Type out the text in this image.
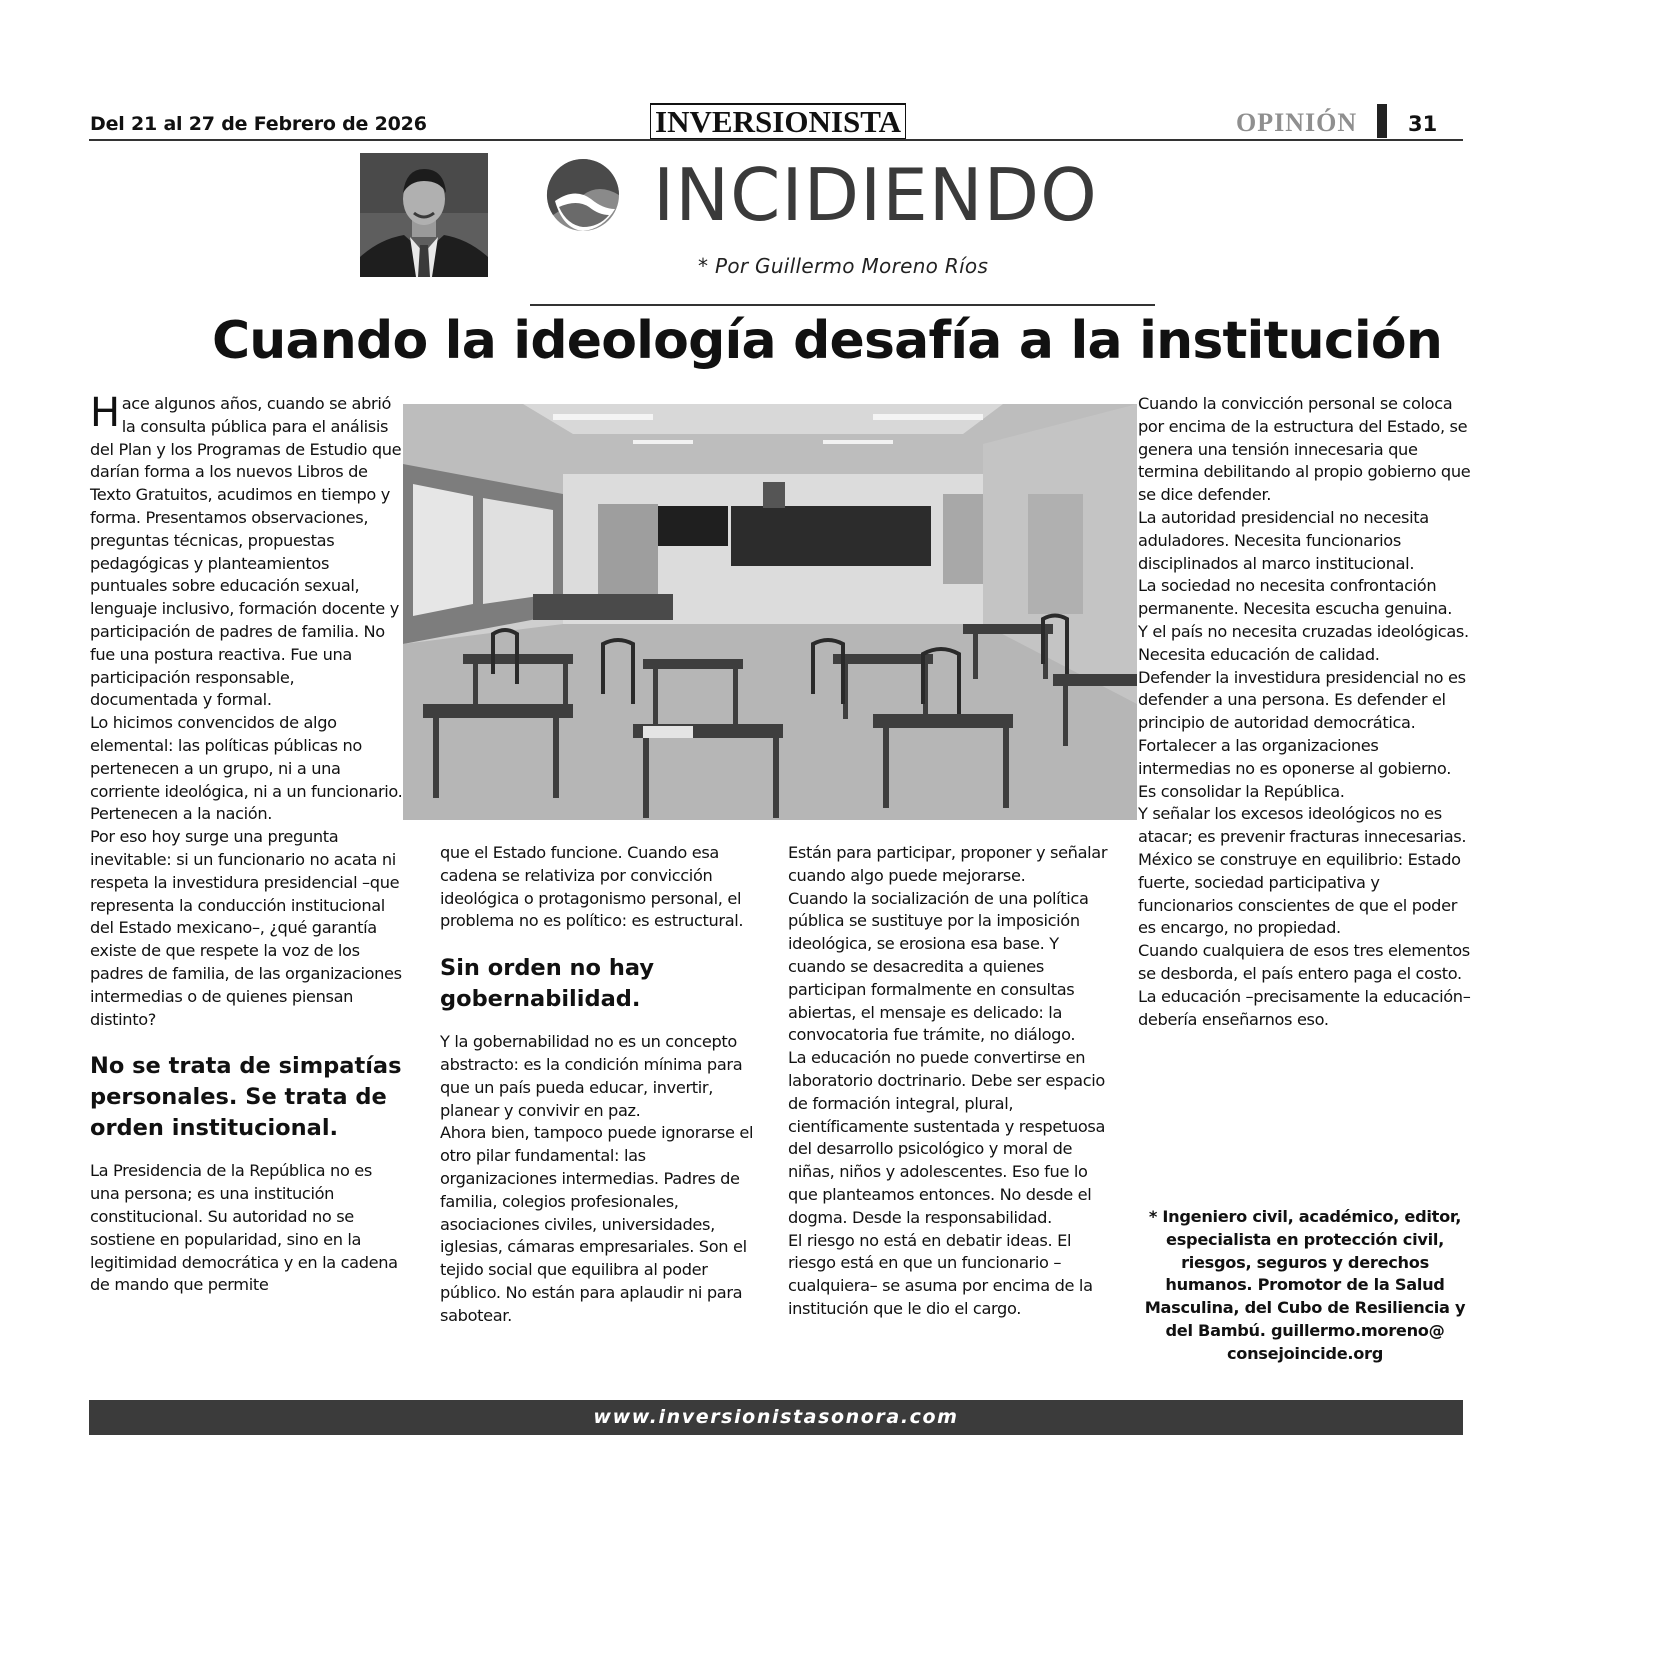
Del 21 al 27 de Febrero de 2026	INVERSIONISTA	OPINIÓN 31
INCIDIENDO
* Por Guillermo Moreno Ríos
Cuando la ideología desafía a la institución

Hace algunos años, cuando se abrió la consulta pública para el análisis del Plan y los Programas de Estudio que darían forma a los nuevos Libros de Texto Gratuitos, acudimos en tiempo y forma. Presentamos observaciones, preguntas técnicas, propuestas pedagógicas y planteamientos puntuales sobre educación sexual, lenguaje inclusivo, formación docente y participación de padres de familia. No fue una postura reactiva. Fue una participación responsable, documentada y formal.

Lo hicimos convencidos de algo elemental: las políticas públicas no pertenecen a un grupo, ni a una corriente ideológica, ni a un funcionario. Pertenecen a la nación.

Por eso hoy surge una pregunta inevitable: si un funcionario no acata ni respeta la investidura presidencial –que representa la conducción institucional del Estado mexicano–, ¿qué garantía existe de que respete la voz de los padres de familia, de las organizaciones intermedias o de quienes piensan distinto?

No se trata de simpatías personales. Se trata de orden institucional.

La Presidencia de la República no es una persona; es una institución constitucional. Su autoridad no se sostiene en popularidad, sino en la legitimidad democrática y en la cadena de mando que permite

que el Estado funcione. Cuando esa cadena se relativiza por convicción ideológica o protagonismo personal, el problema no es político: es estructural.

Sin orden no hay gobernabilidad.

Y la gobernabilidad no es un concepto abstracto: es la condición mínima para que un país pueda educar, invertir, planear y convivir en paz.

Ahora bien, tampoco puede ignorarse el otro pilar fundamental: las organizaciones intermedias. Padres de familia, colegios profesionales, asociaciones civiles, universidades, iglesias, cámaras empresariales. Son el tejido social que equilibra al poder público. No están para aplaudir ni para sabotear.

Están para participar, proponer y señalar cuando algo puede mejorarse.

Cuando la socialización de una política pública se sustituye por la imposición ideológica, se erosiona esa base. Y cuando se desacredita a quienes participan formalmente en consultas abiertas, el mensaje es delicado: la convocatoria fue trámite, no diálogo.

La educación no puede convertirse en laboratorio doctrinario. Debe ser espacio de formación integral, plural, científicamente sustentada y respetuosa del desarrollo psicológico y moral de niñas, niños y adolescentes. Eso fue lo que planteamos entonces. No desde el dogma. Desde la responsabilidad.

El riesgo no está en debatir ideas. El riesgo está en que un funcionario –cualquiera– se asuma por encima de la institución que le dio el cargo.

Cuando la convicción personal se coloca por encima de la estructura del Estado, se genera una tensión innecesaria que termina debilitando al propio gobierno que se dice defender.

La autoridad presidencial no necesita aduladores. Necesita funcionarios disciplinados al marco institucional.

La sociedad no necesita confrontación permanente. Necesita escucha genuina.

Y el país no necesita cruzadas ideológicas. Necesita educación de calidad.

Defender la investidura presidencial no es defender a una persona. Es defender el principio de autoridad democrática.

Fortalecer a las organizaciones intermedias no es oponerse al gobierno. Es consolidar la República.

Y señalar los excesos ideológicos no es atacar; es prevenir fracturas innecesarias.

México se construye en equilibrio: Estado fuerte, sociedad participativa y funcionarios conscientes de que el poder es encargo, no propiedad.

Cuando cualquiera de esos tres elementos se desborda, el país entero paga el costo.

La educación –precisamente la educación– debería enseñarnos eso.

* Ingeniero civil, académico, editor, especialista en protección civil, riesgos, seguros y derechos humanos. Promotor de la Salud Masculina, del Cubo de Resiliencia y del Bambú. guillermo.moreno@ consejoincide.org
www.inversionistasonora.com
